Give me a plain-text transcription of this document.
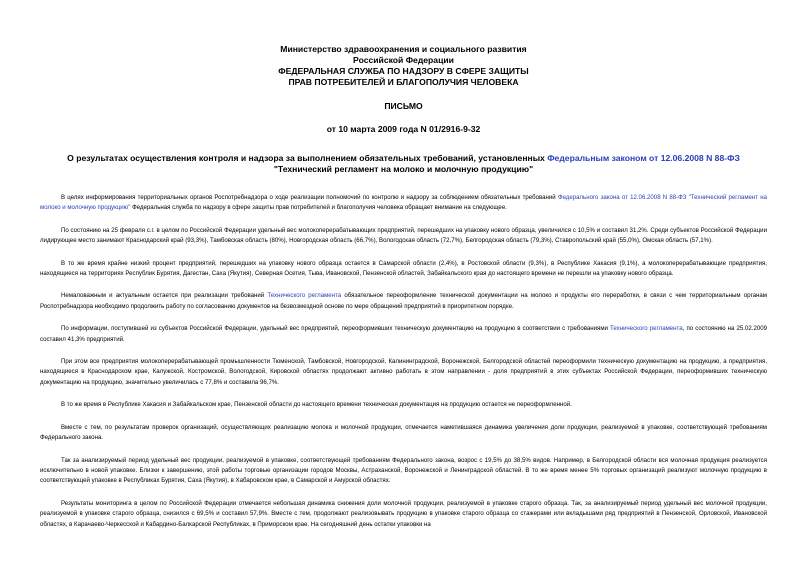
Министерство здравоохранения и социального развития
Российской Федерации
ФЕДЕРАЛЬНАЯ СЛУЖБА ПО НАДЗОРУ В СФЕРЕ ЗАЩИТЫ
ПРАВ ПОТРЕБИТЕЛЕЙ И БЛАГОПОЛУЧИЯ ЧЕЛОВЕКА
ПИСЬМО
от 10 марта 2009 года N 01/2916-9-32
О результатах осуществления контроля и надзора за выполнением обязательных требований, установленных Федеральным законом от 12.06.2008 N 88-ФЗ
"Технический регламент на молоко и молочную продукцию"

В целях информирования территориальных органов Роспотребнадзора о ходе реализации полномочий по контролю и надзору за соблюдением обязательных требований Федерального закона от 12.06.2008 N 88-ФЗ "Технический регламент на молоко и молочную продукцию" Федеральная служба по надзору в сфере защиты прав потребителей и благополучия человека обращает внимание на следующее.

По состоянию на 25 февраля с.г. в целом по Российской Федерации удельный вес молокоперерабатывающих предприятий, перешедших на упаковку нового образца, увеличился с 10,5% и составил 31,2%. Среди субъектов Российской Федерации лидирующее место занимают Краснодарский край (93,3%), Тамбовская область (80%), Новгородская область (66,7%), Вологодская область (72,7%), Белгородская область (79,3%), Ставропольский край (55,0%), Омская область (57,1%).

В то же время крайне низкий процент предприятий, перешедших на упаковку нового образца остается в Самарской области (2,4%), в Ростовской области (9,3%), в Республике Хакасия (9,1%), а молокоперерабатывающие предприятия, находящиеся на территориях Республик Бурятия, Дагестан, Саха (Якутия), Северная Осетия, Тыва, Ивановской, Пензенской областей, Забайкальского края до настоящего времени не перешли на упаковку нового образца.

Немаловажным и актуальным остается при реализации требований Технического регламента обязательное переоформление технической документации на молоко и продукты его переработки, в связи с чем территориальным органам Роспотребнадзора необходимо продолжить работу по согласованию документов на безвозмездной основе по мере обращений предприятий в приоритетном порядке.

По информации, поступившей из субъектов Российской Федерации, удельный вес предприятий, переоформивших техническую документацию на продукцию в соответствии с требованиями Технического регламента, по состоянию на 25.02.2009 составил 41,3% предприятий.

При этом все предприятия молокоперерабатывающей промышленности Тюменской, Тамбовской, Новгородской, Калининградской, Воронежской, Белгородской областей переоформили техническую документацию на продукцию, а предприятия, находящиеся в Краснодарском крае, Калужской, Костромской, Вологодской, Кировской областях продолжают активно работать в этом направлении - доля предприятий в этих субъектах Российской Федерации, переоформивших техническую документацию на продукцию, значительно увеличилась с 77,8% и составила 96,7%.

В то же время в Республике Хакасия и Забайкальском крае, Пензенской области до настоящего времени техническая документация на продукцию остается не переоформленной.

Вместе с тем, по результатам проверок организаций, осуществляющих реализацию молока и молочной продукции, отмечается наметившаяся динамика увеличения доли продукции, реализуемой в упаковке, соответствующей требованиям Федерального закона.

Так за анализируемый период удельный вес продукции, реализуемой в упаковке, соответствующей требованиям Федерального закона, возрос с 19,5% до 38,5% видов. Например, в Белгородской области вся молочная продукция реализуется исключительно в новой упаковке. Близки к завершению, этой работы торговые организации городов Москвы, Астраханской, Воронежской и Ленинградской областей. В то же время менее 5% торговых организаций реализуют молочную продукцию в соответствующей упаковке в Республиках Бурятия, Саха (Якутия), в Хабаровском крае, в Самарской и Амурской областях.

Результаты мониторинга в целом по Российской Федерации отмечается небольшая динамика снижения доли молочной продукции, реализуемой в упаковке старого образца. Так, за анализируемый период удельный вес молочной продукции, реализуемой в упаковке старого образца, снизился с 69,5% и составил 57,9%. Вместе с тем, продолжают реализовывать продукцию в упаковке старого образца со стажерами или вкладышами ряд предприятий в Пензенской, Орловской, Ивановской областях, в Карачаево-Черкесской и Кабардино-Балкарской Республиках, в Приморском крае. На сегодняшний день остатки упаковки на
